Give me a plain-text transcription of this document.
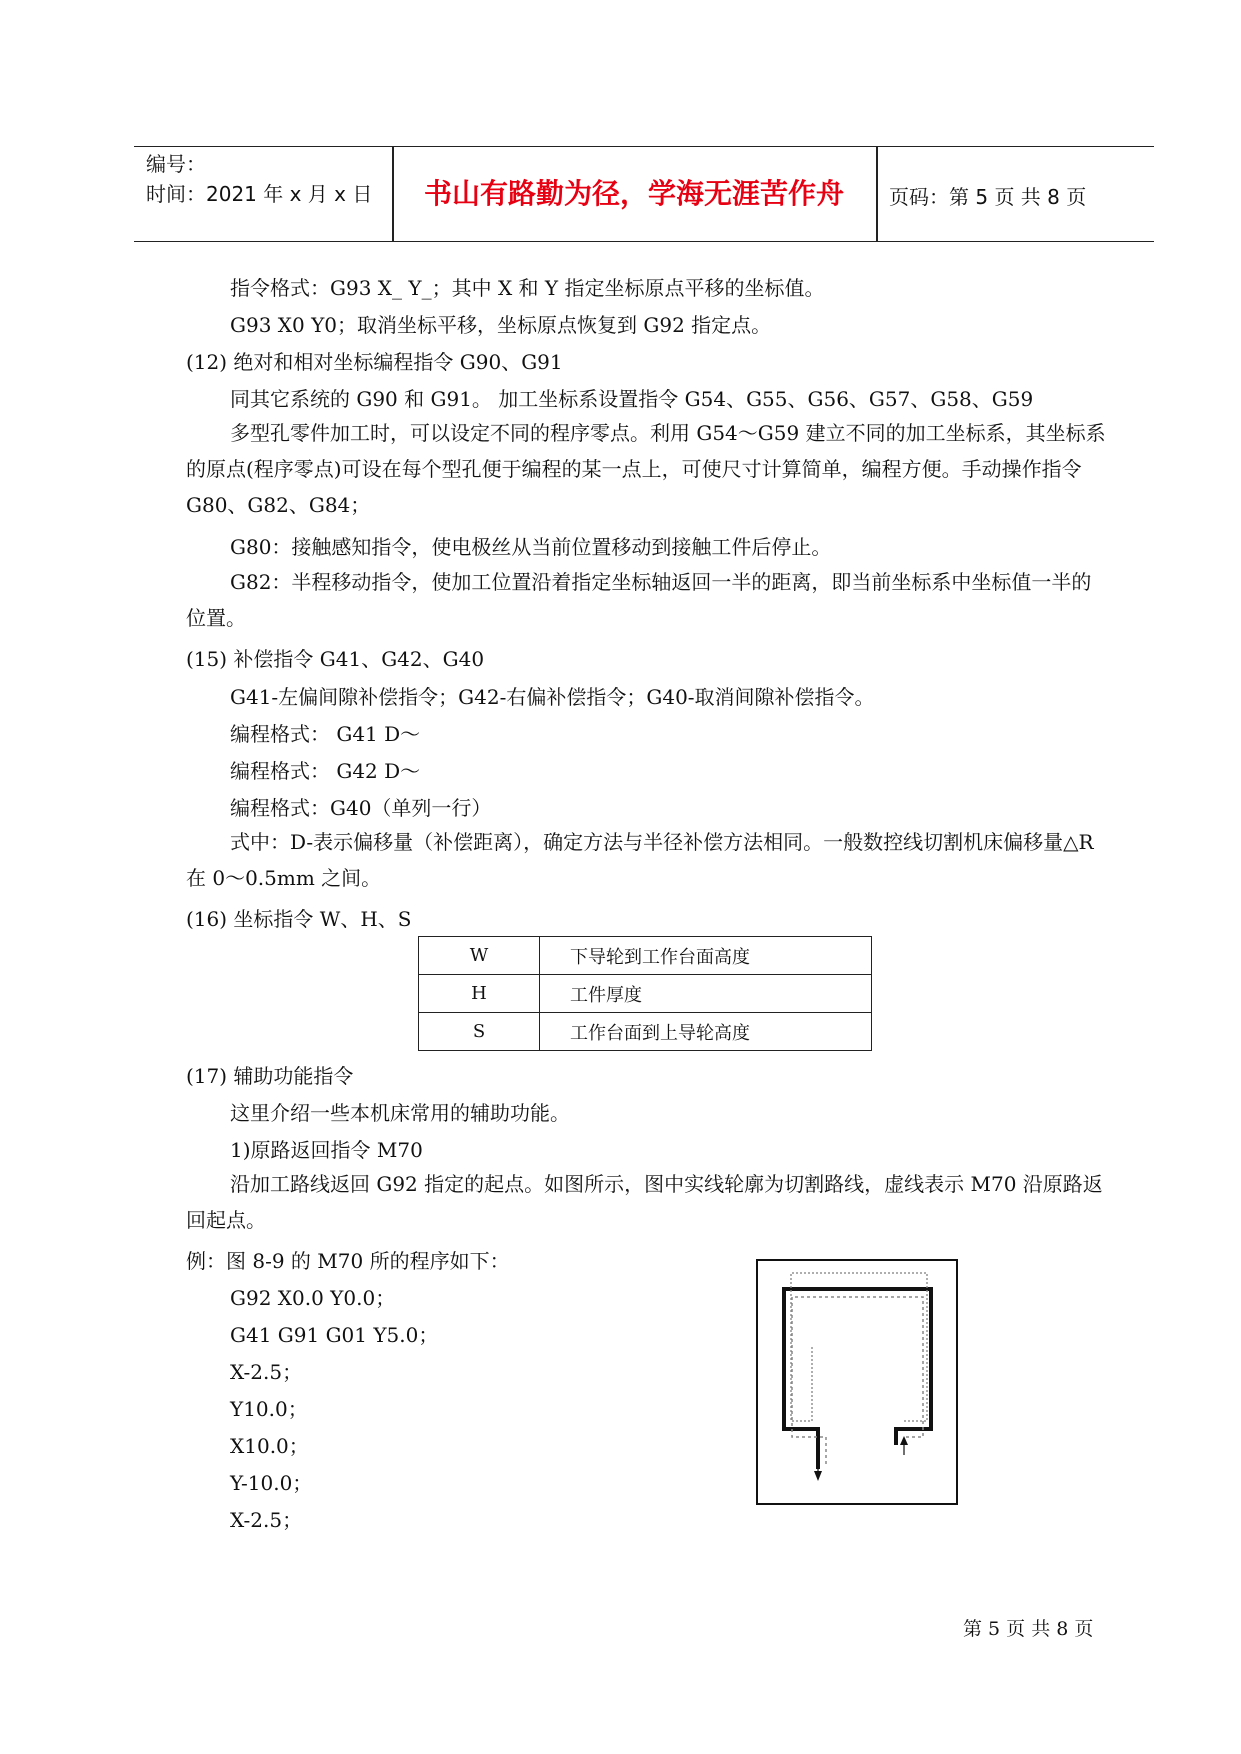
编号：
时间：2021 年 x 月 x 日	书山有路勤为径，学海无涯苦作舟	页码：第 5 页 共 8 页
指令格式：G93 X_ Y_；其中 X 和 Y 指定坐标原点平移的坐标值。
G93 X0 Y0；取消坐标平移，坐标原点恢复到 G92 指定点。
(12) 绝对和相对坐标编程指令 G90、G91
同其它系统的 G90 和 G91。 加工坐标系设置指令 G54、G55、G56、G57、G58、G59
多型孔零件加工时，可以设定不同的程序零点。利用 G54～G59 建立不同的加工坐标系，其坐标系的原点(程序零点)可设在每个型孔便于编程的某一点上，可使尺寸计算简单，编程方便。手动操作指令 G80、G82、G84；
G80：接触感知指令，使电极丝从当前位置移动到接触工件后停止。
G82：半程移动指令，使加工位置沿着指定坐标轴返回一半的距离，即当前坐标系中坐标值一半的位置。
(15) 补偿指令 G41、G42、G40
G41-左偏间隙补偿指令；G42-右偏补偿指令；G40-取消间隙补偿指令。
编程格式： G41 D～
编程格式： G42 D～
编程格式：G40（单列一行）
式中：D-表示偏移量（补偿距离），确定方法与半径补偿方法相同。一般数控线切割机床偏移量△R 在 0～0.5mm 之间。
(16) 坐标指令 W、H、S
W	下导轮到工作台面高度
H	工件厚度
S	工作台面到上导轮高度
(17) 辅助功能指令
这里介绍一些本机床常用的辅助功能。
1)原路返回指令 M70
沿加工路线返回 G92 指定的起点。如图所示，图中实线轮廓为切割路线，虚线表示 M70 沿原路返回起点。
例：图 8-9 的 M70 所的程序如下：
G92 X0.0 Y0.0；
G41 G91 G01 Y5.0；
X-2.5；
Y10.0；
X10.0；
Y-10.0；
X-2.5；
第 5 页 共 8 页
